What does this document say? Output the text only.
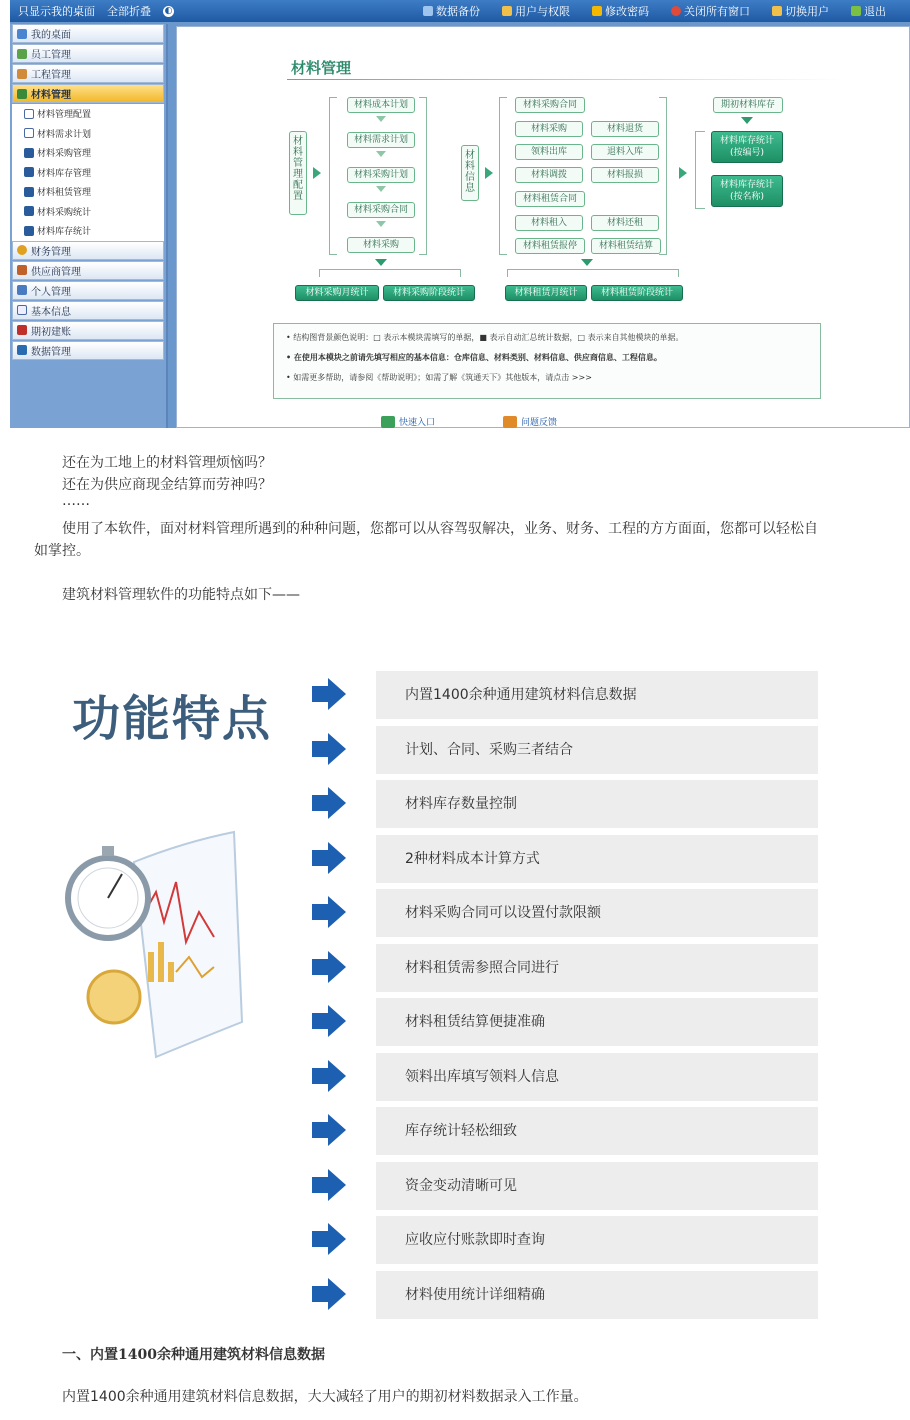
只显示我的桌面 全部折叠 ◐	数据备份	用户与权限	修改密码	关闭所有窗口	切换用户	退出
我的桌面
员工管理
工程管理
材料管理
材料管理配置
材料需求计划
材料采购管理
材料库存管理
材料租赁管理
材料采购统计
材料库存统计
财务管理
供应商管理
个人管理
基本信息
期初建账
数据管理
材料管理
材料管理配置
材料成本计划
材料需求计划
材料采购计划
材料采购合同
材料采购
材料信息
材料采购合同
材料采购	材料退货
领料出库	退料入库
材料调拨	材料报损
材料租赁合同
材料租入	材料还租
材料租赁报停	材料租赁结算
期初材料库存
材料库存统计
(按编号)
材料库存统计
(按名称)
材料采购月统计	材料采购阶段统计	材料租赁月统计	材料租赁阶段统计
• 结构图背景颜色说明：□ 表示本模块需填写的单据，■ 表示自动汇总统计数据，□ 表示来自其他模块的单据。
• 在使用本模块之前请先填写相应的基本信息：仓库信息、材料类别、材料信息、供应商信息、工程信息。
• 如需更多帮助，请参阅《帮助说明》；如需了解《筑通天下》其他版本，请点击 >>>
快速入口	问题反馈
还在为工地上的材料管理烦恼吗？
还在为供应商现金结算而劳神吗？
……
使用了本软件，面对材料管理所遇到的种种问题，您都可以从容驾驭解决，业务、财务、工程的方方面面，您都可以轻松自
如掌控。
建筑材料管理软件的功能特点如下——
功能特点	内置1400余种通用建筑材料信息数据
计划、合同、采购三者结合
材料库存数量控制
2种材料成本计算方式
材料采购合同可以设置付款限额
材料租赁需参照合同进行
材料租赁结算便捷准确
领料出库填写领料人信息
库存统计轻松细致
资金变动清晰可见
应收应付账款即时查询
材料使用统计详细精确
一、内置1400余种通用建筑材料信息数据
内置1400余种通用建筑材料信息数据，大大减轻了用户的期初材料数据录入工作量。
